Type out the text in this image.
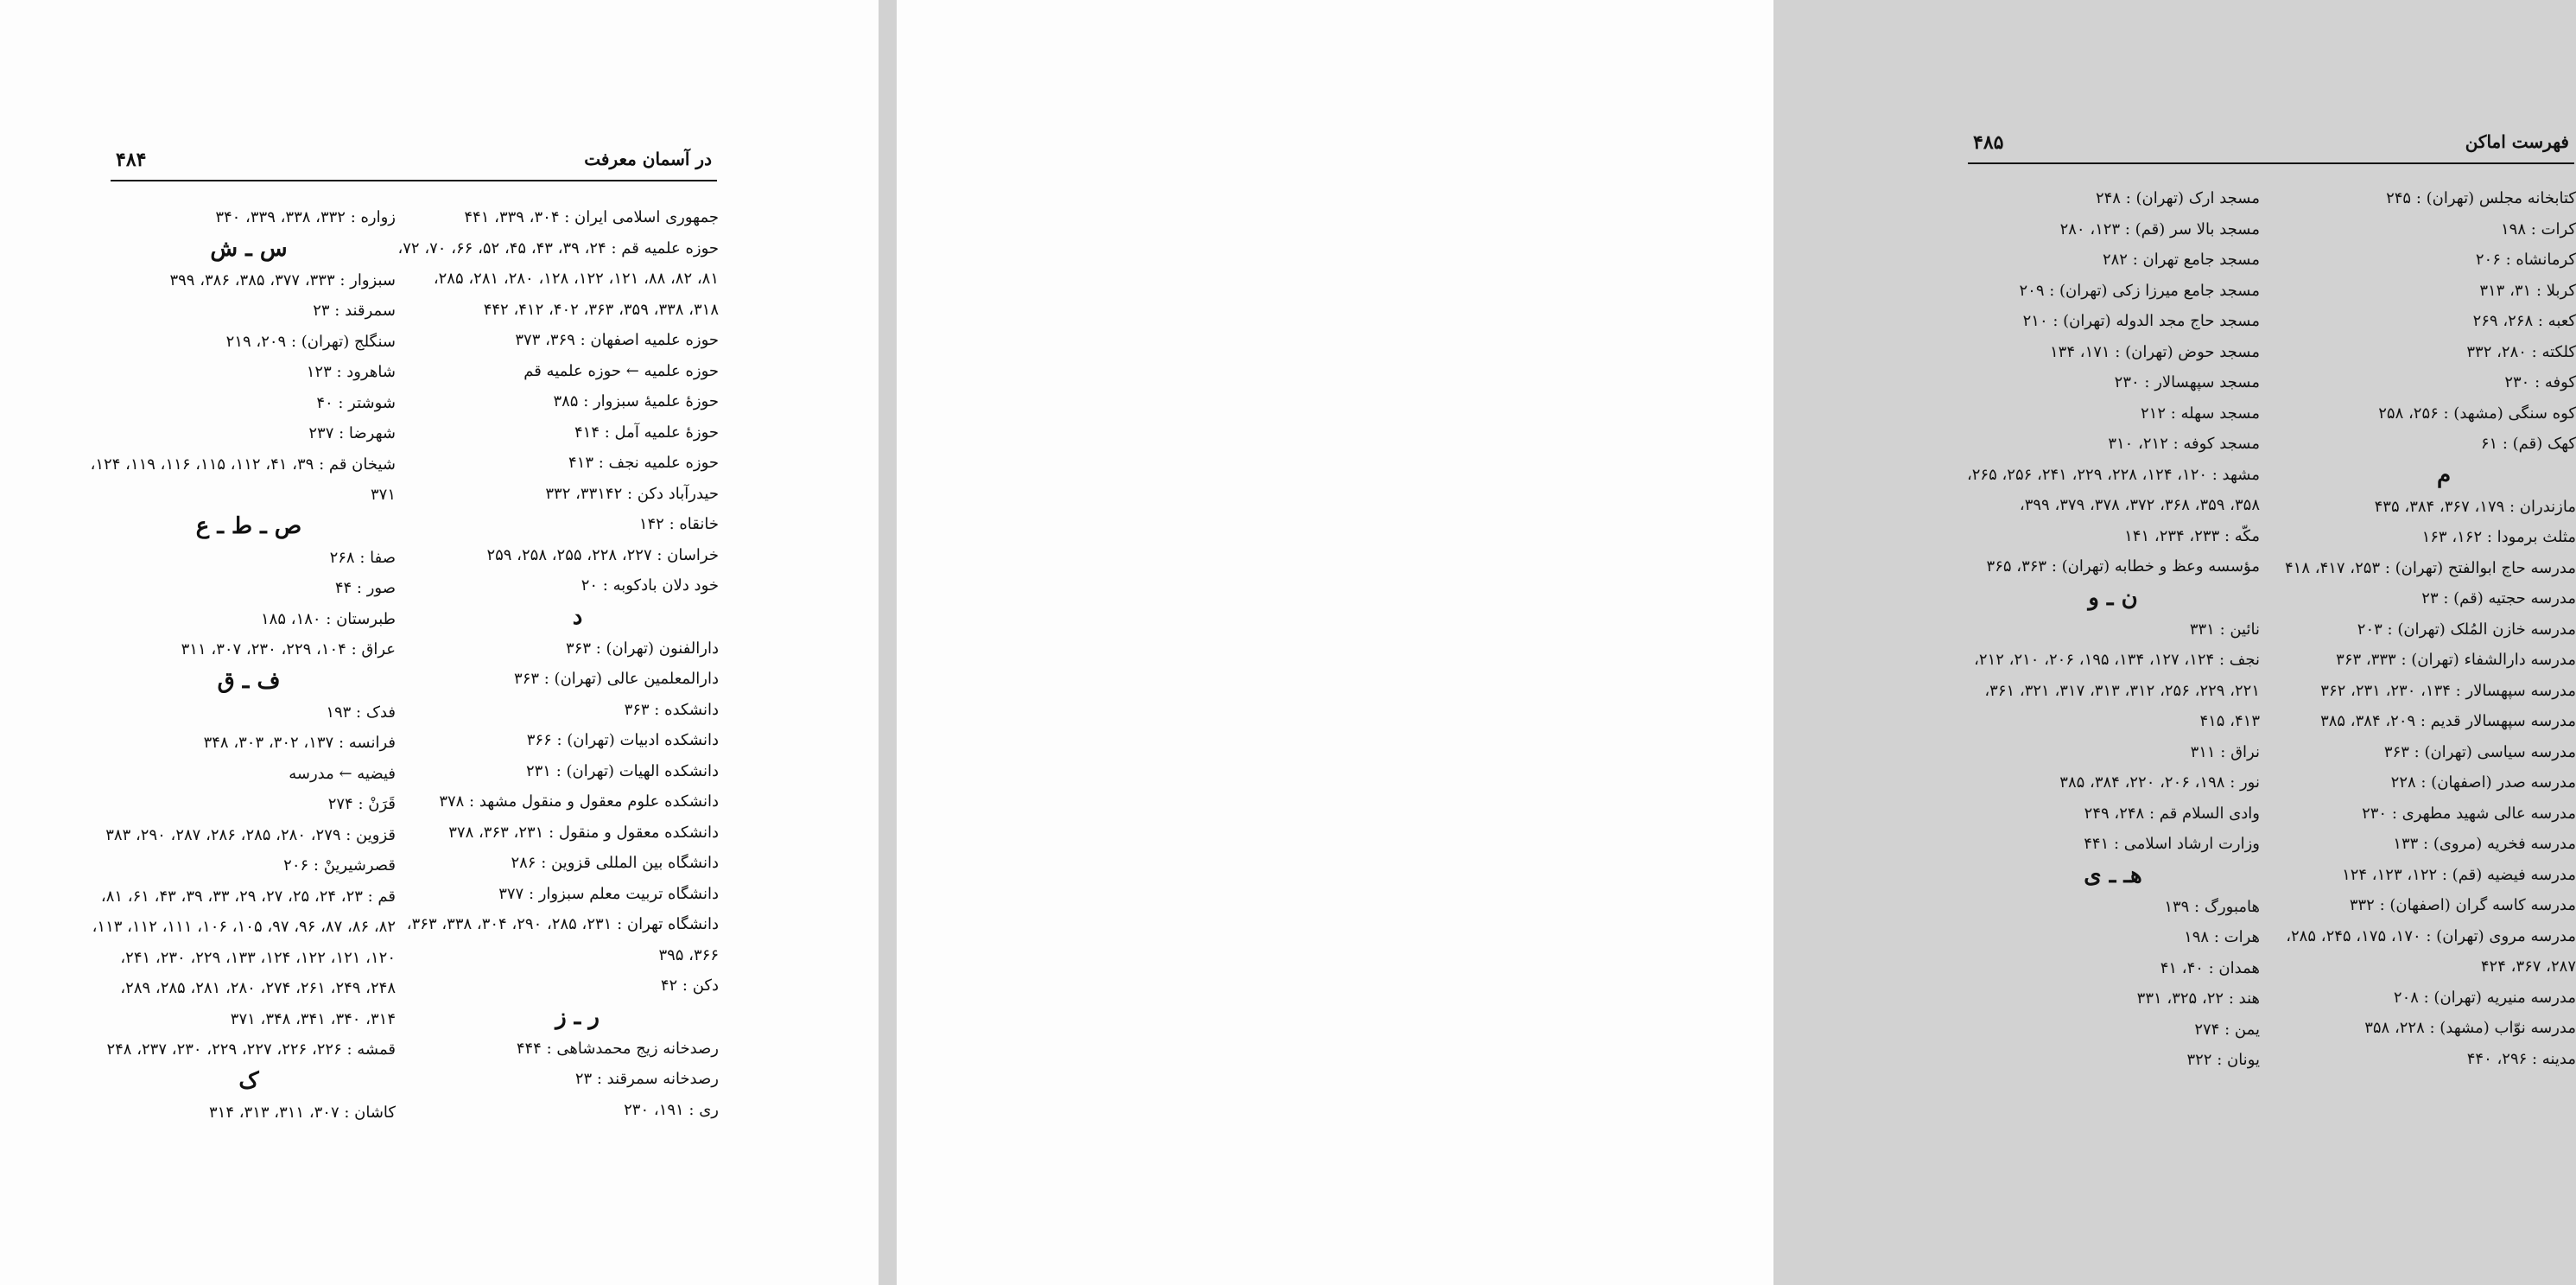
در آسمان معرفت
۴۸۴
جمهوری اسلامی ایران : ۳۰۴، ۳۳۹، ۴۴۱
حوزه علمیه قم : ۲۴، ۳۹، ۴۳، ۴۵، ۵۲، ۶۶، ۷۰، ۷۲،
۸۱، ۸۲، ۸۸، ۱۲۱، ۱۲۲، ۱۲۸، ۲۸۰، ۲۸۱، ۲۸۵،
۳۱۸، ۳۳۸، ۳۵۹، ۳۶۳، ۴۰۲، ۴۱۲، ۴۴۲
حوزه علمیه اصفهان : ۳۶۹، ۳۷۳
حوزه علمیه ← حوزه علمیه قم
حوزهٔ علمیهٔ سبزوار : ۳۸۵
حوزهٔ علمیه آمل : ۴۱۴
حوزه علمیه نجف : ۴۱۳
حیدرآباد دکن : ۳۳۱۴۲، ۳۳۲
خانقاه : ۱۴۲
خراسان : ۲۲۷، ۲۲۸، ۲۵۵، ۲۵۸، ۲۵۹
خود دلان بادکوبه : ۲۰
د
دارالفنون (تهران) : ۳۶۳
دارالمعلمین عالی (تهران) : ۳۶۳
دانشکده : ۳۶۳
دانشکده ادبیات (تهران) : ۳۶۶
دانشکده الهیات (تهران) : ۲۳۱
دانشکده علوم معقول و منقول مشهد : ۳۷۸
دانشکده معقول و منقول : ۲۳۱، ۳۶۳، ۳۷۸
دانشگاه بین المللی قزوین : ۲۸۶
دانشگاه تربیت معلم سبزوار : ۳۷۷
دانشگاه تهران : ۲۳۱، ۲۸۵، ۲۹۰، ۳۰۴، ۳۳۸، ۳۶۳،
۳۶۶، ۳۹۵
دکن : ۴۲
ر ـ ز
رصدخانه زیج محمدشاهی : ۴۴۴
رصدخانه سمرقند : ۲۳
ری : ۱۹۱، ۲۳۰
زواره : ۳۳۲، ۳۳۸، ۳۳۹، ۳۴۰
س ـ ش
سبزوار : ۳۳۳، ۳۷۷، ۳۸۵، ۳۸۶، ۳۹۹
سمرقند : ۲۳
سنگلج (تهران) : ۲۰۹، ۲۱۹
شاهرود : ۱۲۳
شوشتر : ۴۰
شهرضا : ۲۳۷
شیخان قم : ۳۹، ۴۱، ۱۱۲، ۱۱۵، ۱۱۶، ۱۱۹، ۱۲۴،
۳۷۱
ص ـ ط ـ ع
صفا : ۲۶۸
صور : ۴۴
طبرستان : ۱۸۰، ۱۸۵
عراق : ۱۰۴، ۲۲۹، ۲۳۰، ۳۰۷، ۳۱۱
ف ـ ق
فدک : ۱۹۳
فرانسه : ۱۳۷، ۳۰۲، ۳۰۳، ۳۴۸
فیضیه ← مدرسه
قَرَنْ : ۲۷۴
قزوین : ۲۷۹، ۲۸۰، ۲۸۵، ۲۸۶، ۲۸۷، ۲۹۰، ۳۸۳
قصرشیرینْ : ۲۰۶
قم : ۲۳، ۲۴، ۲۵، ۲۷، ۲۹، ۳۳، ۳۹، ۴۳، ۶۱، ۸۱،
۸۲، ۸۶، ۸۷، ۹۶، ۹۷، ۱۰۵، ۱۰۶، ۱۱۱، ۱۱۲، ۱۱۳،
۱۲۰، ۱۲۱، ۱۲۲، ۱۲۴، ۱۳۳، ۲۲۹، ۲۳۰، ۲۴۱،
۲۴۸، ۲۴۹، ۲۶۱، ۲۷۴، ۲۸۰، ۲۸۱، ۲۸۵، ۲۸۹،
۳۱۴، ۳۴۰، ۳۴۱، ۳۴۸، ۳۷۱
قمشه : ۲۲۶، ۲۲۶، ۲۲۷، ۲۲۹، ۲۳۰، ۲۳۷، ۲۴۸
ک
کاشان : ۳۰۷، ۳۱۱، ۳۱۳، ۳۱۴
فهرست اماکن
۴۸۵
کتابخانه مجلس (تهران) : ۲۴۵
کرات : ۱۹۸
کرمانشاه : ۲۰۶
کربلا : ۳۱، ۳۱۳
کعبه : ۲۶۸، ۲۶۹
کلکته : ۲۸۰، ۳۳۲
کوفه : ۲۳۰
کوه سنگی (مشهد) : ۲۵۶، ۲۵۸
کهک (قم) : ۶۱
م
مازندران : ۱۷۹، ۳۶۷، ۳۸۴، ۴۳۵
مثلث برمودا : ۱۶۲، ۱۶۳
مدرسه حاج ابوالفتح (تهران) : ۲۵۳، ۴۱۷، ۴۱۸
مدرسه حجتیه (قم) : ۲۳
مدرسه خازن المُلک (تهران) : ۲۰۳
مدرسه دارالشفاء (تهران) : ۳۳۳، ۳۶۳
مدرسه سپهسالار : ۱۳۴، ۲۳۰، ۲۳۱، ۳۶۲
مدرسه سپهسالار قدیم : ۲۰۹، ۳۸۴، ۳۸۵
مدرسه سیاسی (تهران) : ۳۶۳
مدرسه صدر (اصفهان) : ۲۲۸
مدرسه عالی شهید مطهری : ۲۳۰
مدرسه فخریه (مروی) : ۱۳۳
مدرسه فیضیه (قم) : ۱۲۲، ۱۲۳، ۱۲۴
مدرسه کاسه گران (اصفهان) : ۳۳۲
مدرسه مروی (تهران) : ۱۷۰، ۱۷۵، ۲۴۵، ۲۸۵،
۲۸۷، ۳۶۷، ۴۲۴
مدرسه منیریه (تهران) : ۲۰۸
مدرسه نوّاب (مشهد) : ۲۲۸، ۳۵۸
مدینه : ۲۹۶، ۴۴۰
مسجد ارک (تهران) : ۲۴۸
مسجد بالا سر (قم) : ۱۲۳، ۲۸۰
مسجد جامع تهران : ۲۸۲
مسجد جامع میرزا زکی (تهران) : ۲۰۹
مسجد حاج مجد الدوله (تهران) : ۲۱۰
مسجد حوض (تهران) : ۱۷۱، ۱۳۴
مسجد سپهسالار : ۲۳۰
مسجد سهله : ۲۱۲
مسجد کوفه : ۲۱۲، ۳۱۰
مشهد : ۱۲۰، ۱۲۴، ۲۲۸، ۲۲۹، ۲۴۱، ۲۵۶، ۲۶۵،
۳۵۸، ۳۵۹، ۳۶۸، ۳۷۲، ۳۷۸، ۳۷۹، ۳۹۹،
مکّه : ۲۳۳، ۲۳۴، ۱۴۱
مؤسسه وعظ و خطابه (تهران) : ۳۶۳، ۳۶۵
ن ـ و
نائین : ۳۳۱
نجف : ۱۲۴، ۱۲۷، ۱۳۴، ۱۹۵، ۲۰۶، ۲۱۰، ۲۱۲،
۲۲۱، ۲۲۹، ۲۵۶، ۳۱۲، ۳۱۳، ۳۱۷، ۳۲۱، ۳۶۱،
۴۱۳، ۴۱۵
نراق : ۳۱۱
نور : ۱۹۸، ۲۰۶، ۲۲۰، ۳۸۴، ۳۸۵
وادی السلام قم : ۲۴۸، ۲۴۹
وزارت ارشاد اسلامی : ۴۴۱
هـ ـ ی
هامبورگ : ۱۳۹
هرات : ۱۹۸
همدان : ۴۰، ۴۱
هند : ۲۲، ۳۲۵، ۳۳۱
یمن : ۲۷۴
یونان : ۳۲۲
